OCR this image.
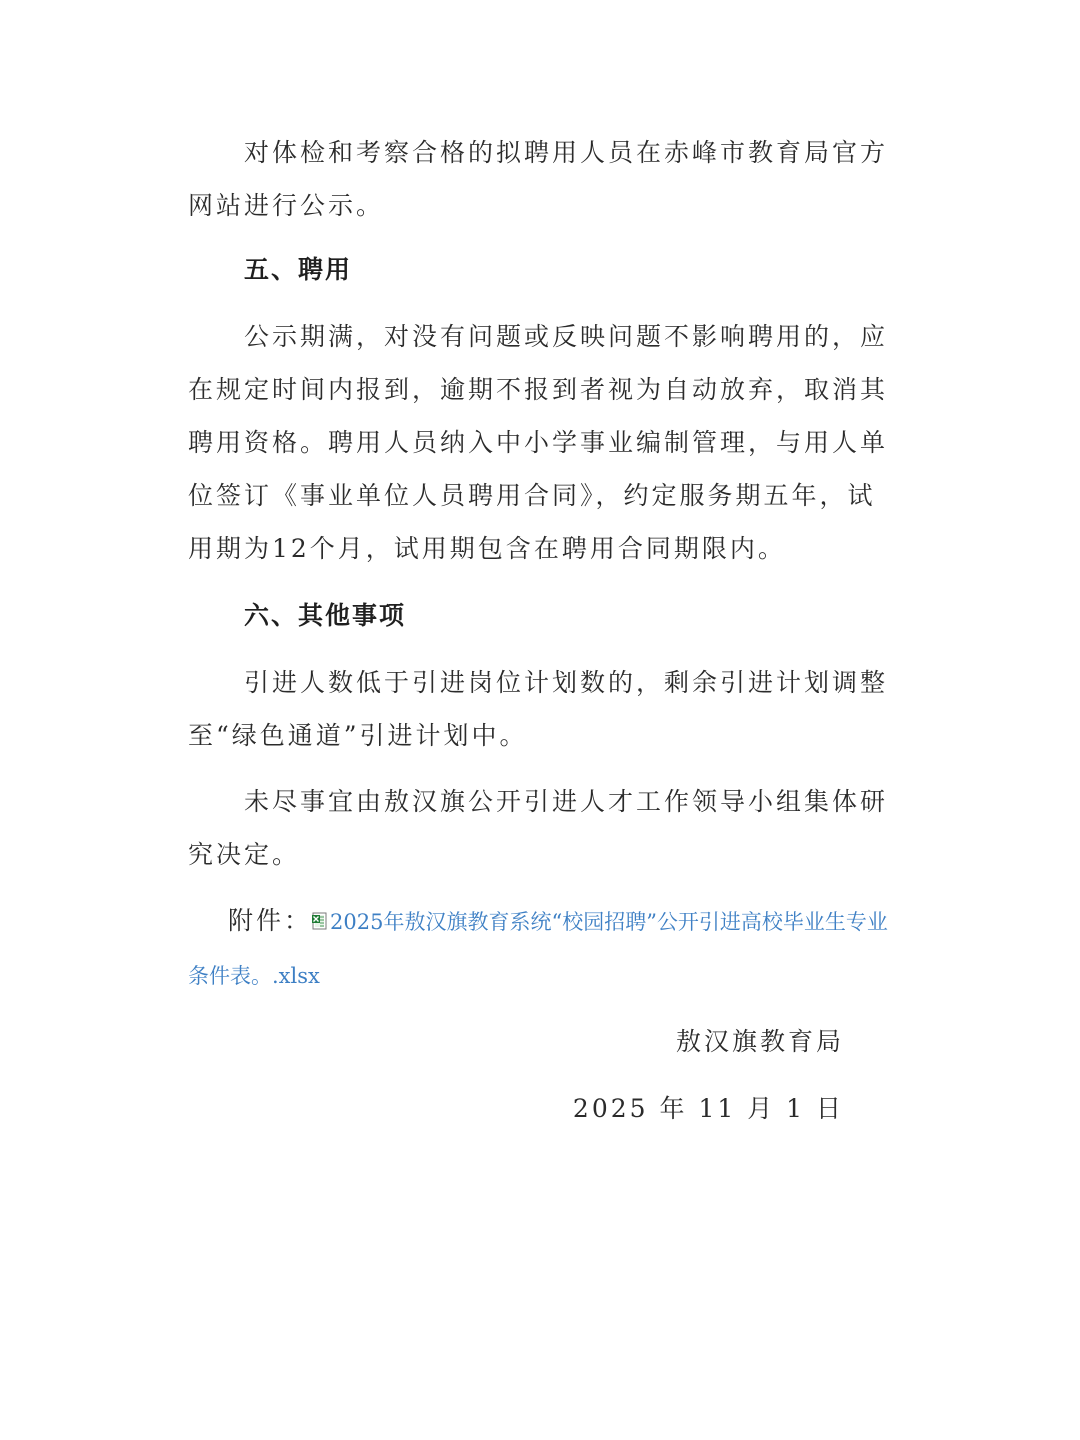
对体检和考察合格的拟聘用人员在赤峰市教育局官方网站进行公示。

五、聘用

公示期满，对没有问题或反映问题不影响聘用的，应在规定时间内报到，逾期不报到者视为自动放弃，取消其聘用资格。聘用人员纳入中小学事业编制管理，与用人单位签订《事业单位人员聘用合同》，约定服务期五年，试用期为12个月，试用期包含在聘用合同期限内。

六、其他事项

引进人数低于引进岗位计划数的，剩余引进计划调整至“绿色通道”引进计划中。

未尽事宜由敖汉旗公开引进人才工作领导小组集体研究决定。

附件： 2025年敖汉旗教育系统“校园招聘”公开引进高校毕业生专业条件表。.xlsx

敖汉旗教育局

2025 年 11 月 1 日
